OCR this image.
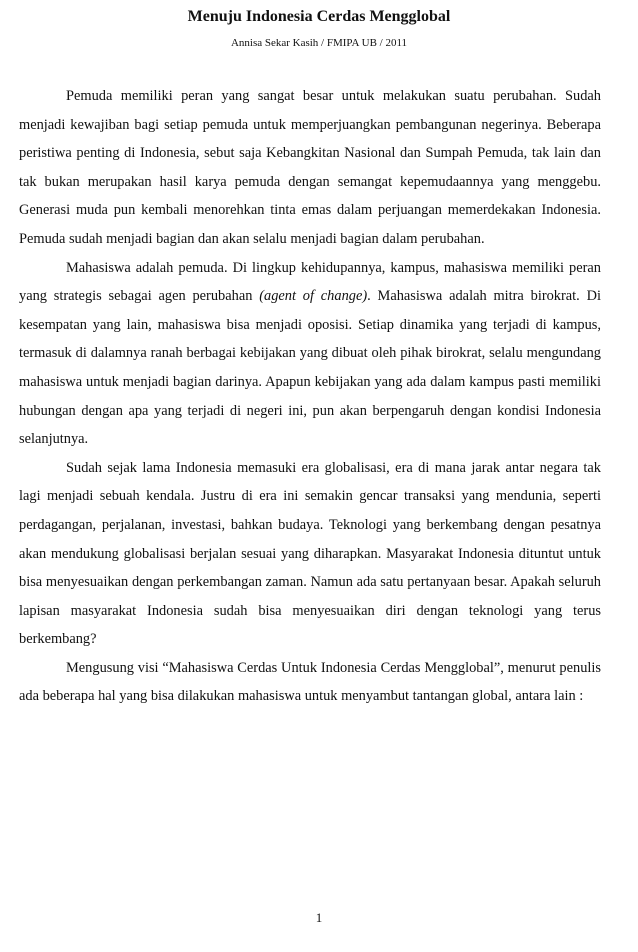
Menuju Indonesia Cerdas Mengglobal
Annisa Sekar Kasih / FMIPA UB / 2011

Pemuda memiliki peran yang sangat besar untuk melakukan suatu perubahan. Sudah menjadi kewajiban bagi setiap pemuda untuk memperjuangkan pembangunan negerinya. Beberapa peristiwa penting di Indonesia, sebut saja Kebangkitan Nasional dan Sumpah Pemuda, tak lain dan tak bukan merupakan hasil karya pemuda dengan semangat kepemudaannya yang menggebu. Generasi muda pun kembali menorehkan tinta emas dalam perjuangan memerdekakan Indonesia. Pemuda sudah menjadi bagian dan akan selalu menjadi bagian dalam perubahan.

Mahasiswa adalah pemuda. Di lingkup kehidupannya, kampus, mahasiswa memiliki peran yang strategis sebagai agen perubahan (agent of change). Mahasiswa adalah mitra birokrat. Di kesempatan yang lain, mahasiswa bisa menjadi oposisi. Setiap dinamika yang terjadi di kampus, termasuk di dalamnya ranah berbagai kebijakan yang dibuat oleh pihak birokrat, selalu mengundang mahasiswa untuk menjadi bagian darinya. Apapun kebijakan yang ada dalam kampus pasti memiliki hubungan dengan apa yang terjadi di negeri ini, pun akan berpengaruh dengan kondisi Indonesia selanjutnya.

Sudah sejak lama Indonesia memasuki era globalisasi, era di mana jarak antar negara tak lagi menjadi sebuah kendala. Justru di era ini semakin gencar transaksi yang mendunia, seperti perdagangan, perjalanan, investasi, bahkan budaya. Teknologi yang berkembang dengan pesatnya akan mendukung globalisasi berjalan sesuai yang diharapkan. Masyarakat Indonesia dituntut untuk bisa menyesuaikan dengan perkembangan zaman. Namun ada satu pertanyaan besar. Apakah seluruh lapisan masyarakat Indonesia sudah bisa menyesuaikan diri dengan teknologi yang terus berkembang?

Mengusung visi “Mahasiswa Cerdas Untuk Indonesia Cerdas Mengglobal”, menurut penulis ada beberapa hal yang bisa dilakukan mahasiswa untuk menyambut tantangan global, antara lain :

1
